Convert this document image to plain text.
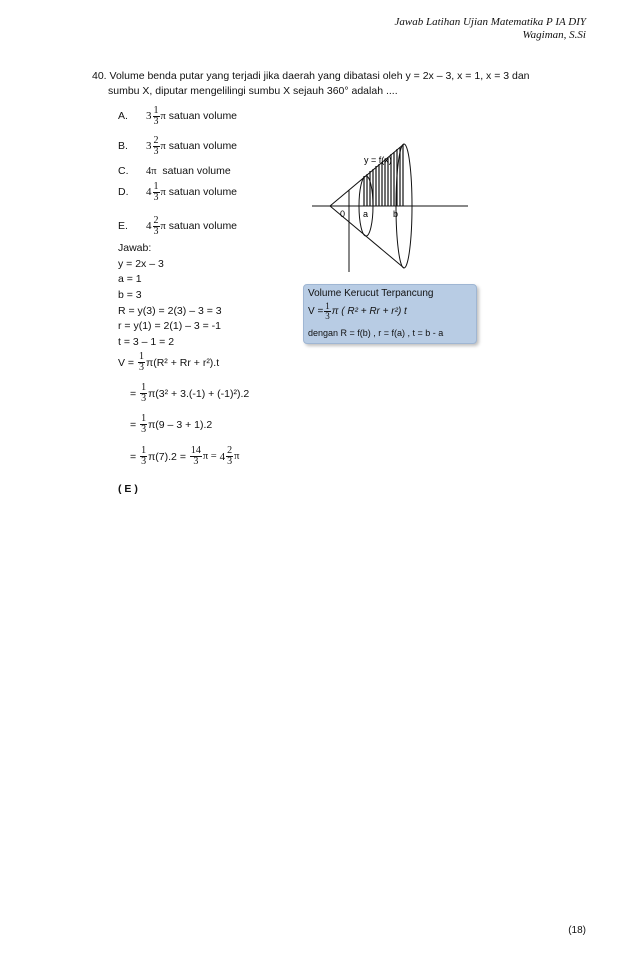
Jawab Latihan Ujian Matematika P IA DIY
Wagiman, S.Si
40. Volume benda putar yang terjadi jika daerah yang dibatasi oleh y = 2x – 3, x = 1, x = 3 dan
sumbu X, diputar mengelilingi sumbu X sejauh 360° adalah ....
A.	$3 \frac{1}{3}$ π
satuan volume
B.	$3 \frac{2}{3}$ π
satuan volume
C.	4π
satuan volume
D.	$4 \frac{1}{3}$ π
satuan volume
E.	$4 \frac{2}{3}$ π
satuan volume
y = f(x)
0 a	b
Volume Kerucut Terpancung
$V = \frac{1}{3}$ π ( R² + Rr + r²) t
dengan R = f(b) , r = f(a) , t = b - a
Jawab:
y = 2x – 3
a = 1
b = 3
R = y(3) = 2(3) – 3 = 3
r = y(1) = 2(1) – 3 = -1
t = 3 – 1 = 2
V =
$\frac{1}{3} \pi(R^2 + Rr + r^2).t$
=
$\frac{1}{3} \pi(3^2 + 3.(-1) + (-1)^2).2$
=
$\frac{1}{3} \pi(9 - 3 + 1).2$
=
$\frac{1}{3} \pi(7).2$ =
$\frac{14}{3}$ π =
$4 \frac{2}{3}$ π
( E )
(18)
